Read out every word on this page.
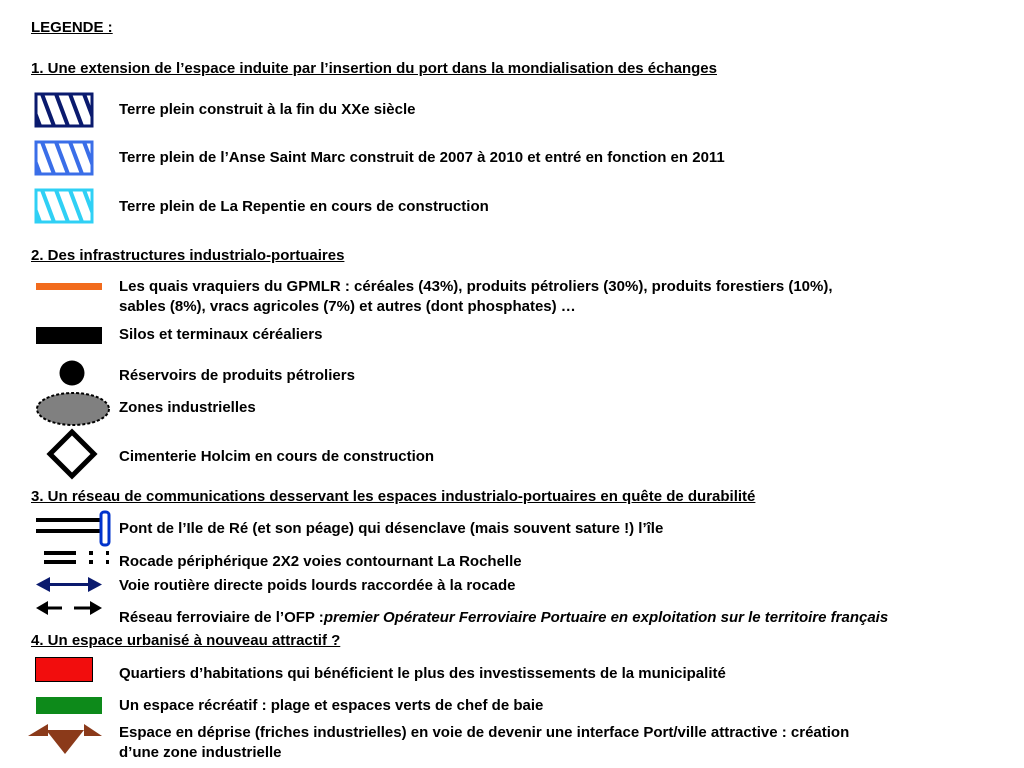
LEGENDE :
1. Une extension de l’espace induite par l’insertion du port dans la mondialisation des échanges
Terre plein construit à la fin du XXe siècle
Terre plein de l’Anse Saint Marc construit de 2007 à 2010 et entré en fonction en 2011
Terre plein de La Repentie en cours de construction
2. Des infrastructures industrialo-portuaires
Les quais vraquiers du GPMLR : céréales (43%), produits pétroliers (30%), produits forestiers (10%),
sables (8%), vracs agricoles (7%) et autres (dont phosphates) …
Silos et terminaux céréaliers
Réservoirs de produits pétroliers
Zones industrielles
Cimenterie Holcim en cours de construction
3. Un réseau de communications desservant les espaces industrialo-portuaires en quête de durabilité
Pont de l’Ile de Ré (et son péage) qui désenclave (mais souvent sature !) l’île
Rocade périphérique 2X2 voies contournant La Rochelle
Voie routière directe poids lourds raccordée à la rocade
Réseau ferroviaire de l’OFP :premier Opérateur Ferroviaire Portuaire en exploitation sur le territoire français
4. Un espace urbanisé à nouveau attractif ?
Quartiers d’habitations qui bénéficient le plus des investissements de la municipalité
Un espace récréatif : plage et espaces verts de chef de baie
Espace en déprise (friches industrielles) en voie de devenir une interface Port/ville attractive : création
d’une zone industrielle
